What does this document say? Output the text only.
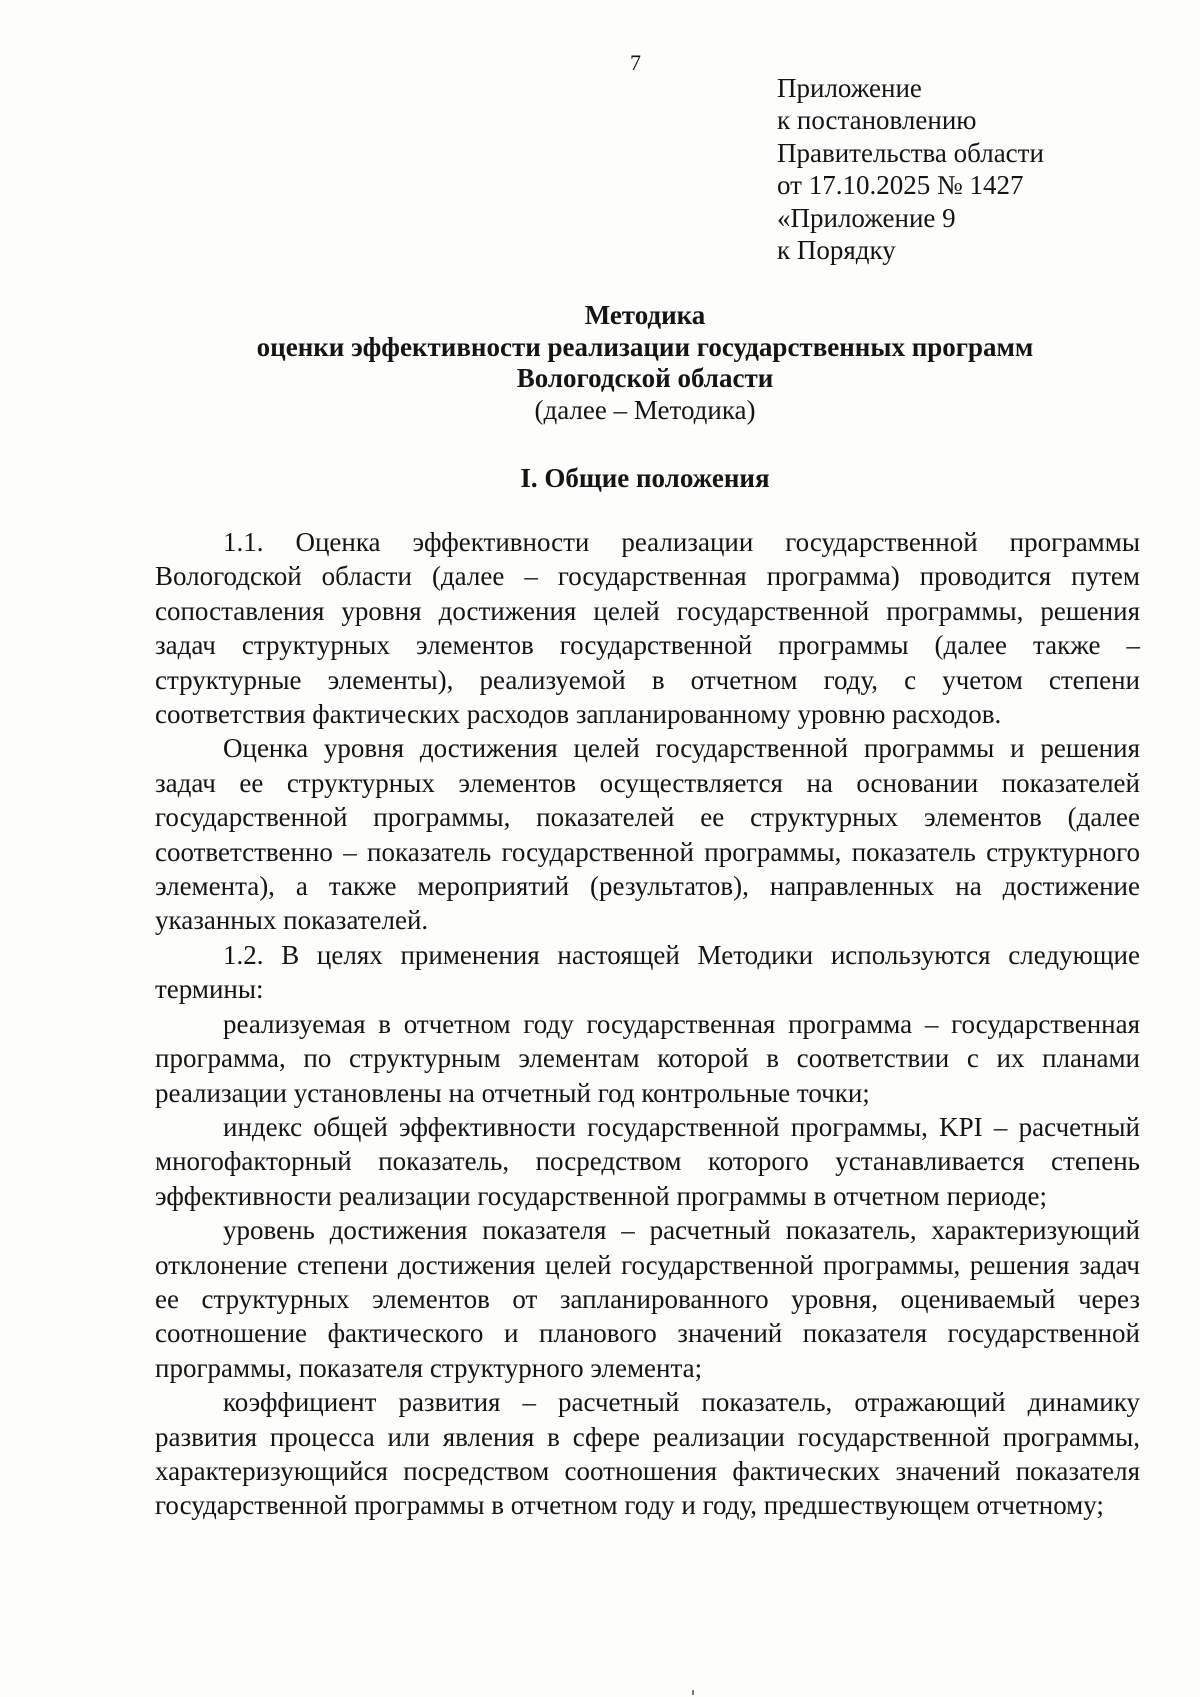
7
Приложение
к постановлению
Правительства области
от 17.10.2025 № 1427
«Приложение 9
к Порядку
Методика
оценки эффективности реализации государственных программ
Вологодской области
(далее – Методика)
I. Общие положения

1.1. Оценка эффективности реализации государственной программы Вологодской области (далее – государственная программа) проводится путем сопоставления уровня достижения целей государственной программы, решения задач структурных элементов государственной программы (далее также – структурные элементы), реализуемой в отчетном году, с учетом степени соответствия фактических расходов запланированному уровню расходов.

Оценка уровня достижения целей государственной программы и решения задач ее структурных элементов осуществляется на основании показателей государственной программы, показателей ее структурных элементов (далее соответственно – показатель государственной программы, показатель структурного элемента), а также мероприятий (результатов), направленных на достижение указанных показателей.

1.2. В целях применения настоящей Методики используются следующие термины:

реализуемая в отчетном году государственная программа – государственная программа, по структурным элементам которой в соответствии с их планами реализации установлены на отчетный год контрольные точки;

индекс общей эффективности государственной программы, KPI – расчетный многофакторный показатель, посредством которого устанавливается степень эффективности реализации государственной программы в отчетном периоде;

уровень достижения показателя – расчетный показатель, характеризующий отклонение степени достижения целей государственной программы, решения задач ее структурных элементов от запланированного уровня, оцениваемый через соотношение фактического и планового значений показателя государственной программы, показателя структурного элемента;

коэффициент развития – расчетный показатель, отражающий динамику развития процесса или явления в сфере реализации государственной программы, характеризующийся посредством соотношения фактических значений показателя государственной программы в отчетном году и году, предшествующем отчетному;
